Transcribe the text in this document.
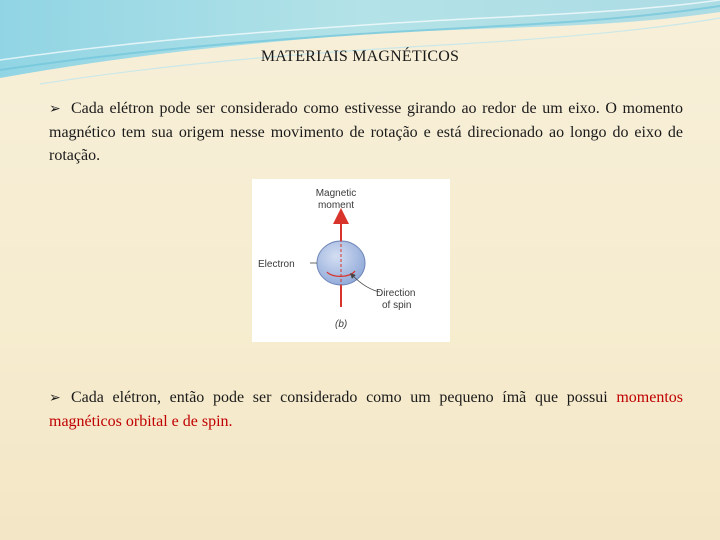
MATERIAIS MAGNÉTICOS

➢ Cada elétron pode ser considerado como estivesse girando ao redor de um eixo. O momento magnético tem sua origem nesse movimento de rotação e está direcionado ao longo do eixo de rotação.

Magnetic
moment
Electron
Direction
of spin
(b)

➢ Cada elétron, então pode ser considerado como um pequeno ímã que possui momentos magnéticos orbital e de spin.
